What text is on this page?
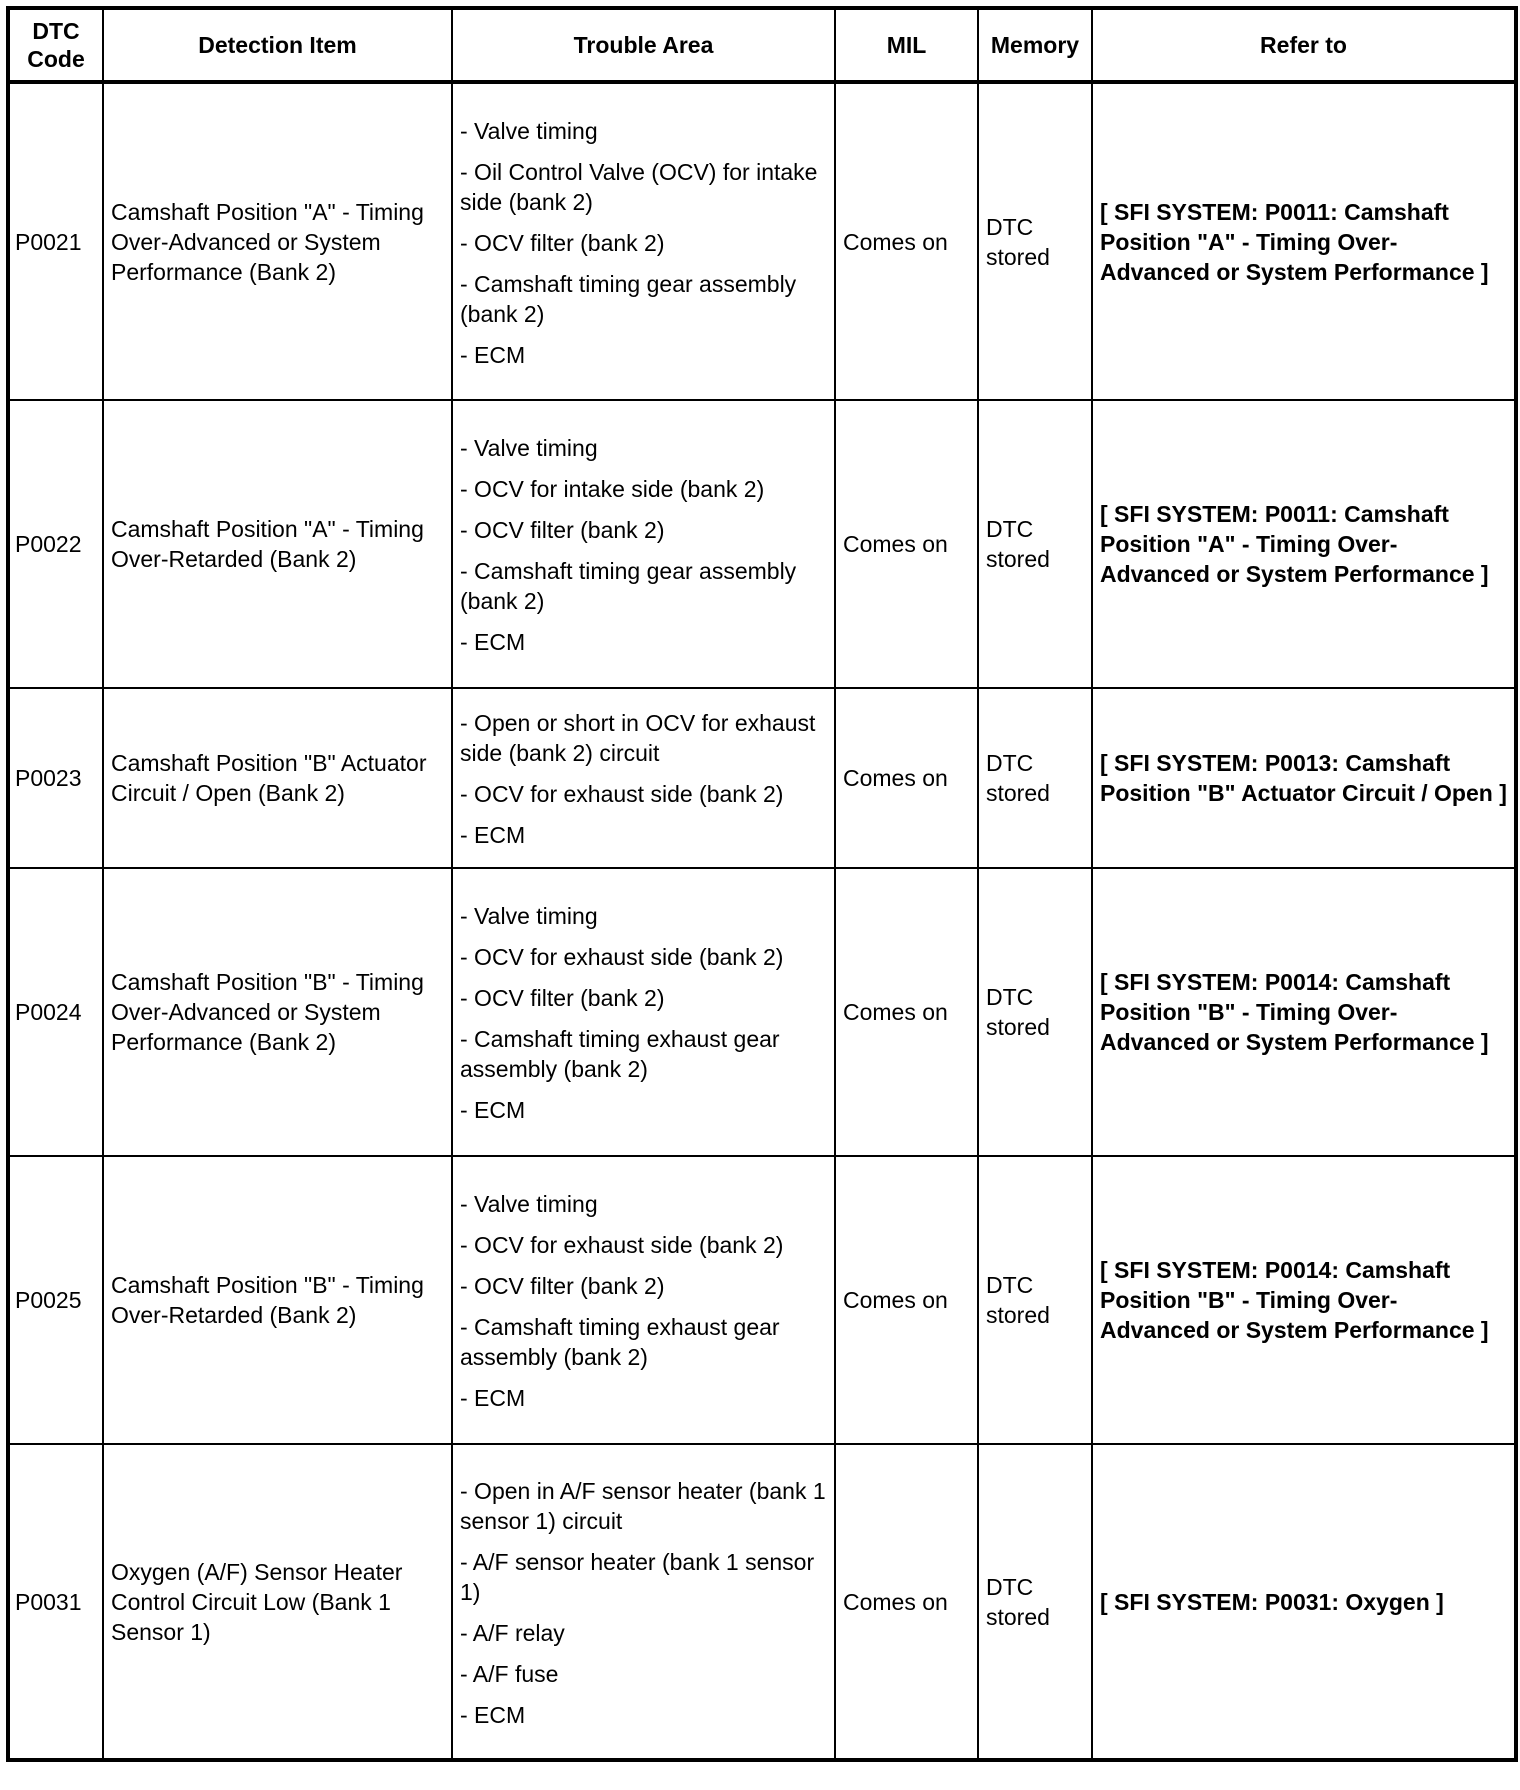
DTC Code	Detection Item	Trouble Area	MIL	Memory	Refer to
P0021	Camshaft Position "A" - Timing Over-Advanced or System Performance (Bank 2)	- Valve timing
- Oil Control Valve (OCV) for intake side (bank 2)
- OCV filter (bank 2)
- Camshaft timing gear assembly (bank 2)
- ECM	Comes on	DTC stored	[ SFI SYSTEM: P0011: Camshaft Position "A" - Timing Over-Advanced or System Performance ]
P0022	Camshaft Position "A" - Timing Over-Retarded (Bank 2)	- Valve timing
- OCV for intake side (bank 2)
- OCV filter (bank 2)
- Camshaft timing gear assembly (bank 2)
- ECM	Comes on	DTC stored	[ SFI SYSTEM: P0011: Camshaft Position "A" - Timing Over-Advanced or System Performance ]
P0023	Camshaft Position "B" Actuator Circuit / Open (Bank 2)	- Open or short in OCV for exhaust side (bank 2) circuit
- OCV for exhaust side (bank 2)
- ECM	Comes on	DTC stored	[ SFI SYSTEM: P0013: Camshaft Position "B" Actuator Circuit / Open ]
P0024	Camshaft Position "B" - Timing Over-Advanced or System Performance (Bank 2)	- Valve timing
- OCV for exhaust side (bank 2)
- OCV filter (bank 2)
- Camshaft timing exhaust gear assembly (bank 2)
- ECM	Comes on	DTC stored	[ SFI SYSTEM: P0014: Camshaft Position "B" - Timing Over-Advanced or System Performance ]
P0025	Camshaft Position "B" - Timing Over-Retarded (Bank 2)	- Valve timing
- OCV for exhaust side (bank 2)
- OCV filter (bank 2)
- Camshaft timing exhaust gear assembly (bank 2)
- ECM	Comes on	DTC stored	[ SFI SYSTEM: P0014: Camshaft Position "B" - Timing Over-Advanced or System Performance ]
P0031	Oxygen (A/F) Sensor Heater Control Circuit Low (Bank 1 Sensor 1)	- Open in A/F sensor heater (bank 1 sensor 1) circuit
- A/F sensor heater (bank 1 sensor 1)
- A/F relay
- A/F fuse
- ECM	Comes on	DTC stored	[ SFI SYSTEM: P0031: Oxygen ]
